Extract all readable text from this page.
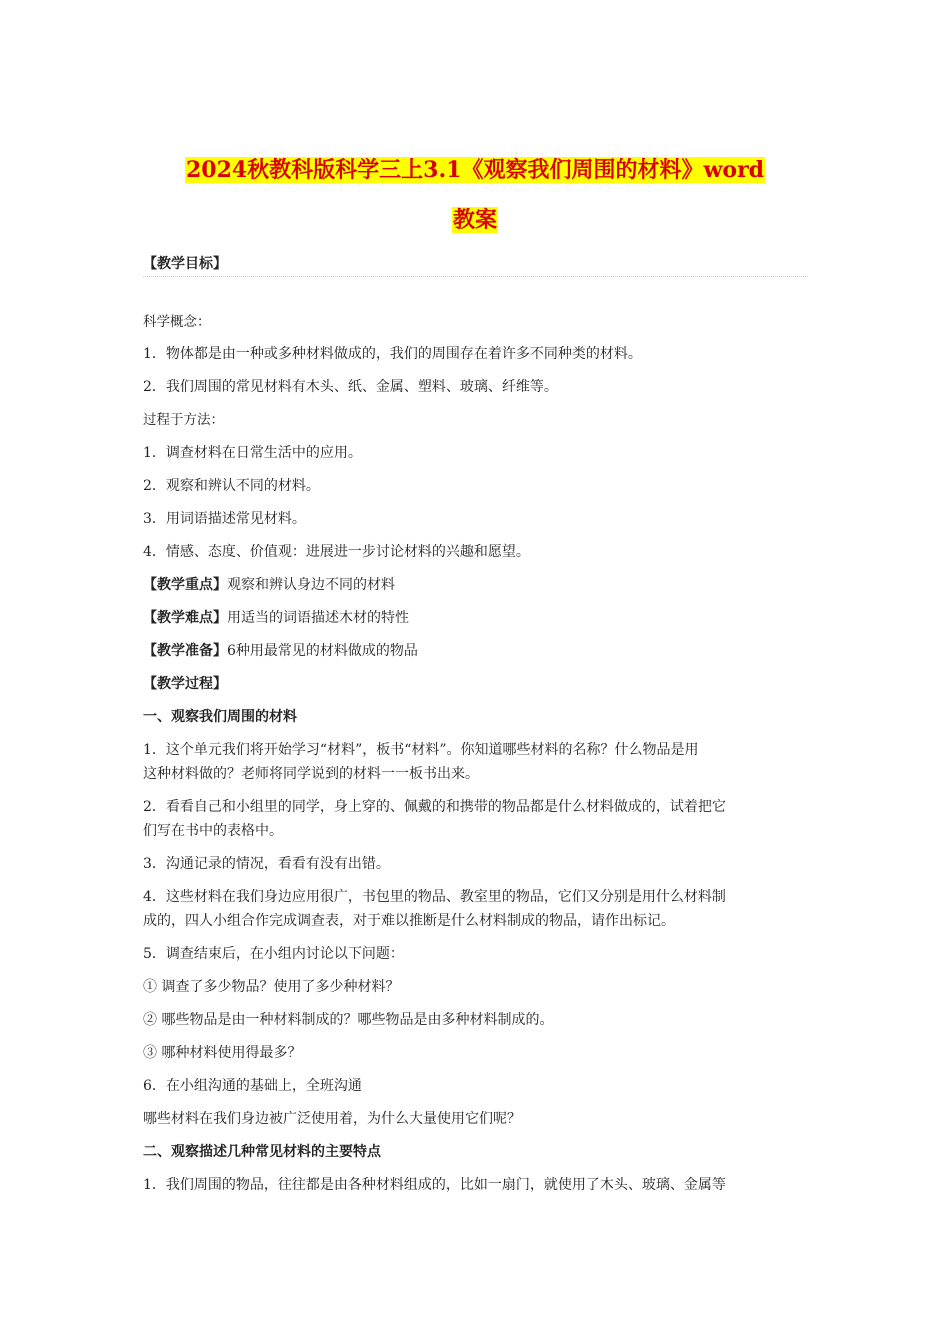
2024秋教科版科学三上3.1《观察我们周围的材料》word
教案
【教学目标】
科学概念：
1．物体都是由一种或多种材料做成的，我们的周围存在着许多不同种类的材料。
2．我们周围的常见材料有木头、纸、金属、塑料、玻璃、纤维等。
过程于方法：
1．调查材料在日常生活中的应用。
2．观察和辨认不同的材料。
3．用词语描述常见材料。
4．情感、态度、价值观：进展进一步讨论材料的兴趣和愿望。
【教学重点】观察和辨认身边不同的材料
【教学难点】用适当的词语描述木材的特性
【教学准备】6种用最常见的材料做成的物品
【教学过程】
一、观察我们周围的材料
1．这个单元我们将开始学习“材料”，板书“材料”。你知道哪些材料的名称？什么物品是用
这种材料做的？老师将同学说到的材料一一板书出来。
2．看看自己和小组里的同学，身上穿的、佩戴的和携带的物品都是什么材料做成的，试着把它
们写在书中的表格中。
3．沟通记录的情况，看看有没有出错。
4．这些材料在我们身边应用很广，书包里的物品、教室里的物品，它们又分别是用什么材料制
成的，四人小组合作完成调查表，对于难以推断是什么材料制成的物品，请作出标记。
5．调查结束后，在小组内讨论以下问题：
① 调查了多少物品？使用了多少种材料？
② 哪些物品是由一种材料制成的？哪些物品是由多种材料制成的。
③ 哪种材料使用得最多？
6．在小组沟通的基础上，全班沟通
哪些材料在我们身边被广泛使用着，为什么大量使用它们呢？
二、观察描述几种常见材料的主要特点
1．我们周围的物品，往往都是由各种材料组成的，比如一扇门，就使用了木头、玻璃、金属等
